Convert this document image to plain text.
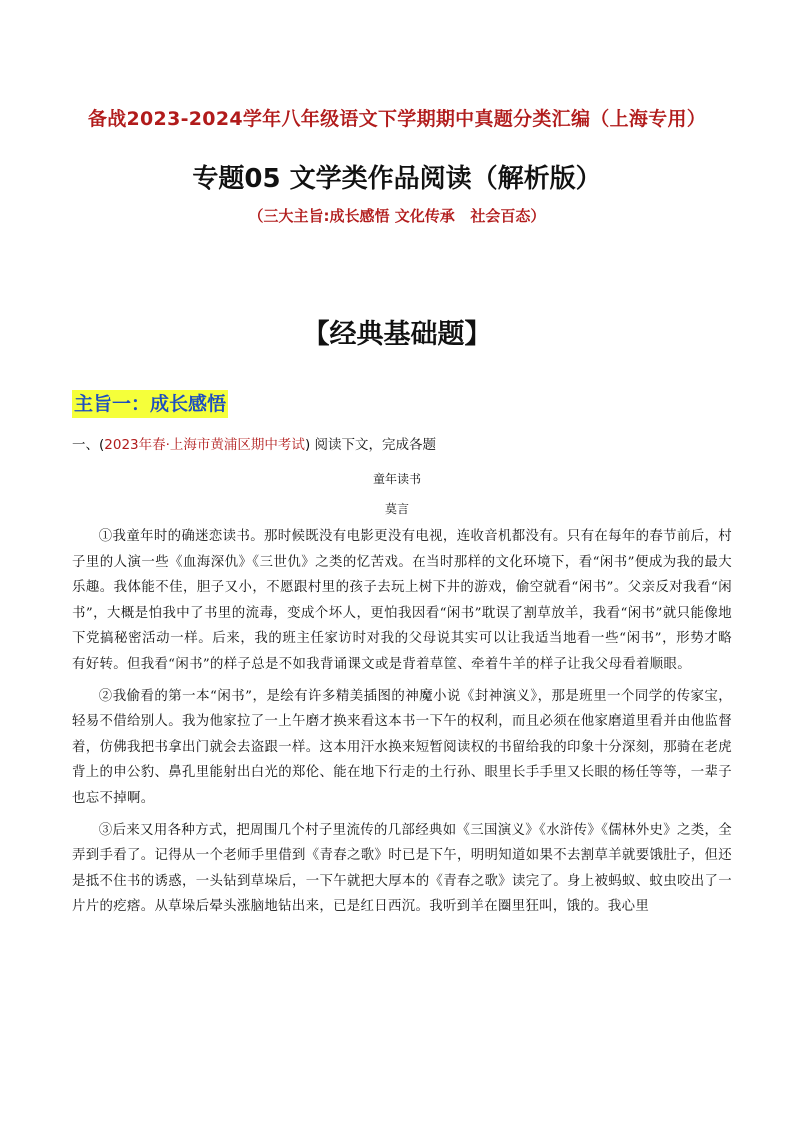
备战2023-2024学年八年级语文下学期期中真题分类汇编（上海专用）
专题05 文学类作品阅读（解析版）
（三大主旨:成长感悟 文化传承   社会百态）
【经典基础题】
主旨一：成长感悟
一、(2023年春·上海市黄浦区期中考试) 阅读下文，完成各题
童年读书
莫言

①我童年时的确迷恋读书。那时候既没有电影更没有电视，连收音机都没有。只有在每年的春节前后，村子里的人演一些《血海深仇》《三世仇》之类的忆苦戏。在当时那样的文化环境下，看“闲书”便成为我的最大乐趣。我体能不佳，胆子又小，不愿跟村里的孩子去玩上树下井的游戏，偷空就看“闲书”。父亲反对我看“闲书”，大概是怕我中了书里的流毒，变成个坏人，更怕我因看“闲书”耽误了割草放羊，我看“闲书”就只能像地下党搞秘密活动一样。后来，我的班主任家访时对我的父母说其实可以让我适当地看一些“闲书”，形势才略有好转。但我看“闲书”的样子总是不如我背诵课文或是背着草筐、牵着牛羊的样子让我父母看着顺眼。

②我偷看的第一本“闲书”，是绘有许多精美插图的神魔小说《封神演义》，那是班里一个同学的传家宝，轻易不借给别人。我为他家拉了一上午磨才换来看这本书一下午的权利，而且必须在他家磨道里看并由他监督着，仿佛我把书拿出门就会去盗跟一样。这本用汗水换来短暂阅读权的书留给我的印象十分深刻，那骑在老虎背上的申公豹、鼻孔里能射出白光的郑伦、能在地下行走的土行孙、眼里长手手里又长眼的杨任等等，一辈子也忘不掉啊。

③后来又用各种方式，把周围几个村子里流传的几部经典如《三国演义》《水浒传》《儒林外史》之类，全弄到手看了。记得从一个老师手里借到《青春之歌》时已是下午，明明知道如果不去割草羊就要饿肚子，但还是抵不住书的诱惑，一头钻到草垛后，一下午就把大厚本的《青春之歌》读完了。身上被蚂蚁、蚊虫咬出了一片片的疙瘩。从草垛后晕头涨脑地钻出来，已是红日西沉。我听到羊在圈里狂叫，饿的。我心里
